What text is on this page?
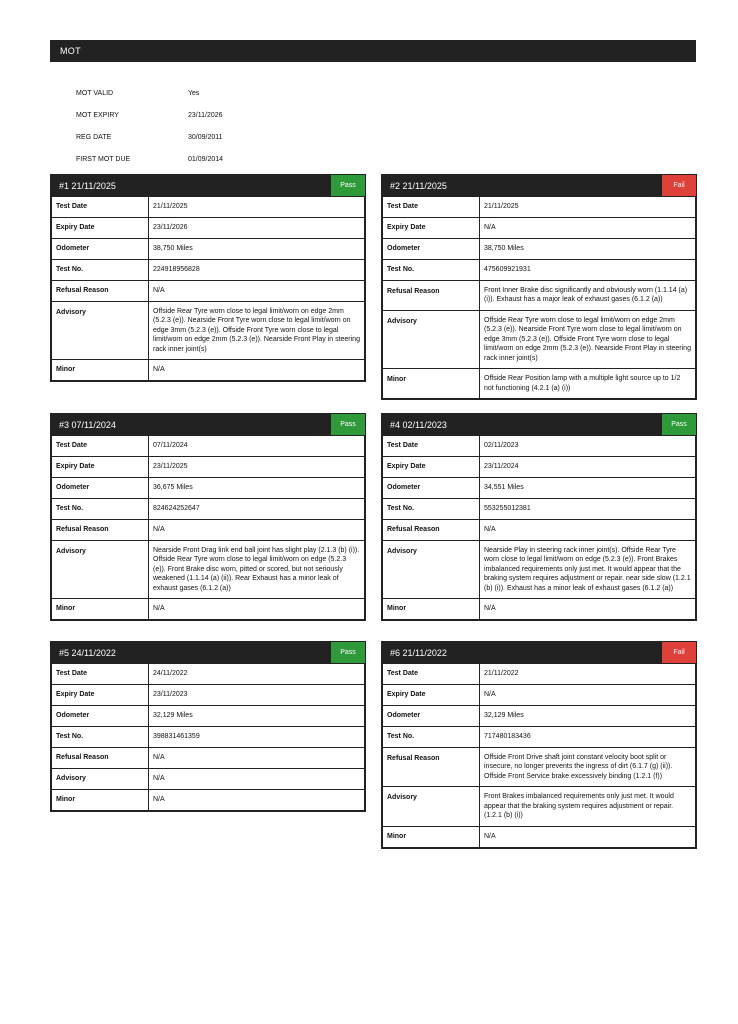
MOT
MOT VALID	Yes
MOT EXPIRY	23/11/2026
REG DATE	30/09/2011
FIRST MOT DUE	01/09/2014
#1 21/11/2025	Pass
Test Date	21/11/2025
Expiry Date	23/11/2026
Odometer	38,750 Miles
Test No.	224918956828
Refusal Reason	N/A
Advisory	Offside Rear Tyre worn close to legal limit/worn on edge 2mm (5.2.3 (e)). Nearside Front Tyre worn close to legal limit/worn on edge 3mm (5.2.3 (e)). Offside Front Tyre worn close to legal limit/worn on edge 2mm (5.2.3 (e)). Nearside Front Play in steering rack inner joint(s)
Minor	N/A
#2 21/11/2025	Fail
Test Date	21/11/2025
Expiry Date	N/A
Odometer	38,750 Miles
Test No.	475609921931
Refusal Reason	Front Inner Brake disc significantly and obviously worn (1.1.14 (a) (i)). Exhaust has a major leak of exhaust gases (6.1.2 (a))
Advisory	Offside Rear Tyre worn close to legal limit/worn on edge 2mm (5.2.3 (e)). Nearside Front Tyre worn close to legal limit/worn on edge 3mm (5.2.3 (e)). Offside Front Tyre worn close to legal limit/worn on edge 2mm (5.2.3 (e)). Nearside Front Play in steering rack inner joint(s)
Minor	Offside Rear Position lamp with a multiple light source up to 1/2 not functioning (4.2.1 (a) (i))
#3 07/11/2024	Pass
Test Date	07/11/2024
Expiry Date	23/11/2025
Odometer	36,675 Miles
Test No.	824624252647
Refusal Reason	N/A
Advisory	Nearside Front Drag link end ball joint has slight play (2.1.3 (b) (i)). Offside Rear Tyre worn close to legal limit/worn on edge (5.2.3 (e)). Front Brake disc worn, pitted or scored, but not seriously weakened (1.1.14 (a) (ii)). Rear Exhaust has a minor leak of exhaust gases (6.1.2 (a))
Minor	N/A
#4 02/11/2023	Pass
Test Date	02/11/2023
Expiry Date	23/11/2024
Odometer	34,551 Miles
Test No.	553255012381
Refusal Reason	N/A
Advisory	Nearside Play in steering rack inner joint(s). Offside Rear Tyre worn close to legal limit/worn on edge (5.2.3 (e)). Front Brakes imbalanced requirements only just met. It would appear that the braking system requires adjustment or repair. near side slow (1.2.1 (b) (i)). Exhaust has a minor leak of exhaust gases (6.1.2 (a))
Minor	N/A
#5 24/11/2022	Pass
Test Date	24/11/2022
Expiry Date	23/11/2023
Odometer	32,129 Miles
Test No.	398831461359
Refusal Reason	N/A
Advisory	N/A
Minor	N/A
#6 21/11/2022	Fail
Test Date	21/11/2022
Expiry Date	N/A
Odometer	32,129 Miles
Test No.	717480183436
Refusal Reason	Offside Front Drive shaft joint constant velocity boot split or insecure, no longer prevents the ingress of dirt (6.1.7 (g) (ii)). Offside Front Service brake excessively binding (1.2.1 (f))
Advisory	Front Brakes imbalanced requirements only just met. It would appear that the braking system requires adjustment or repair. (1.2.1 (b) (i))
Minor	N/A
